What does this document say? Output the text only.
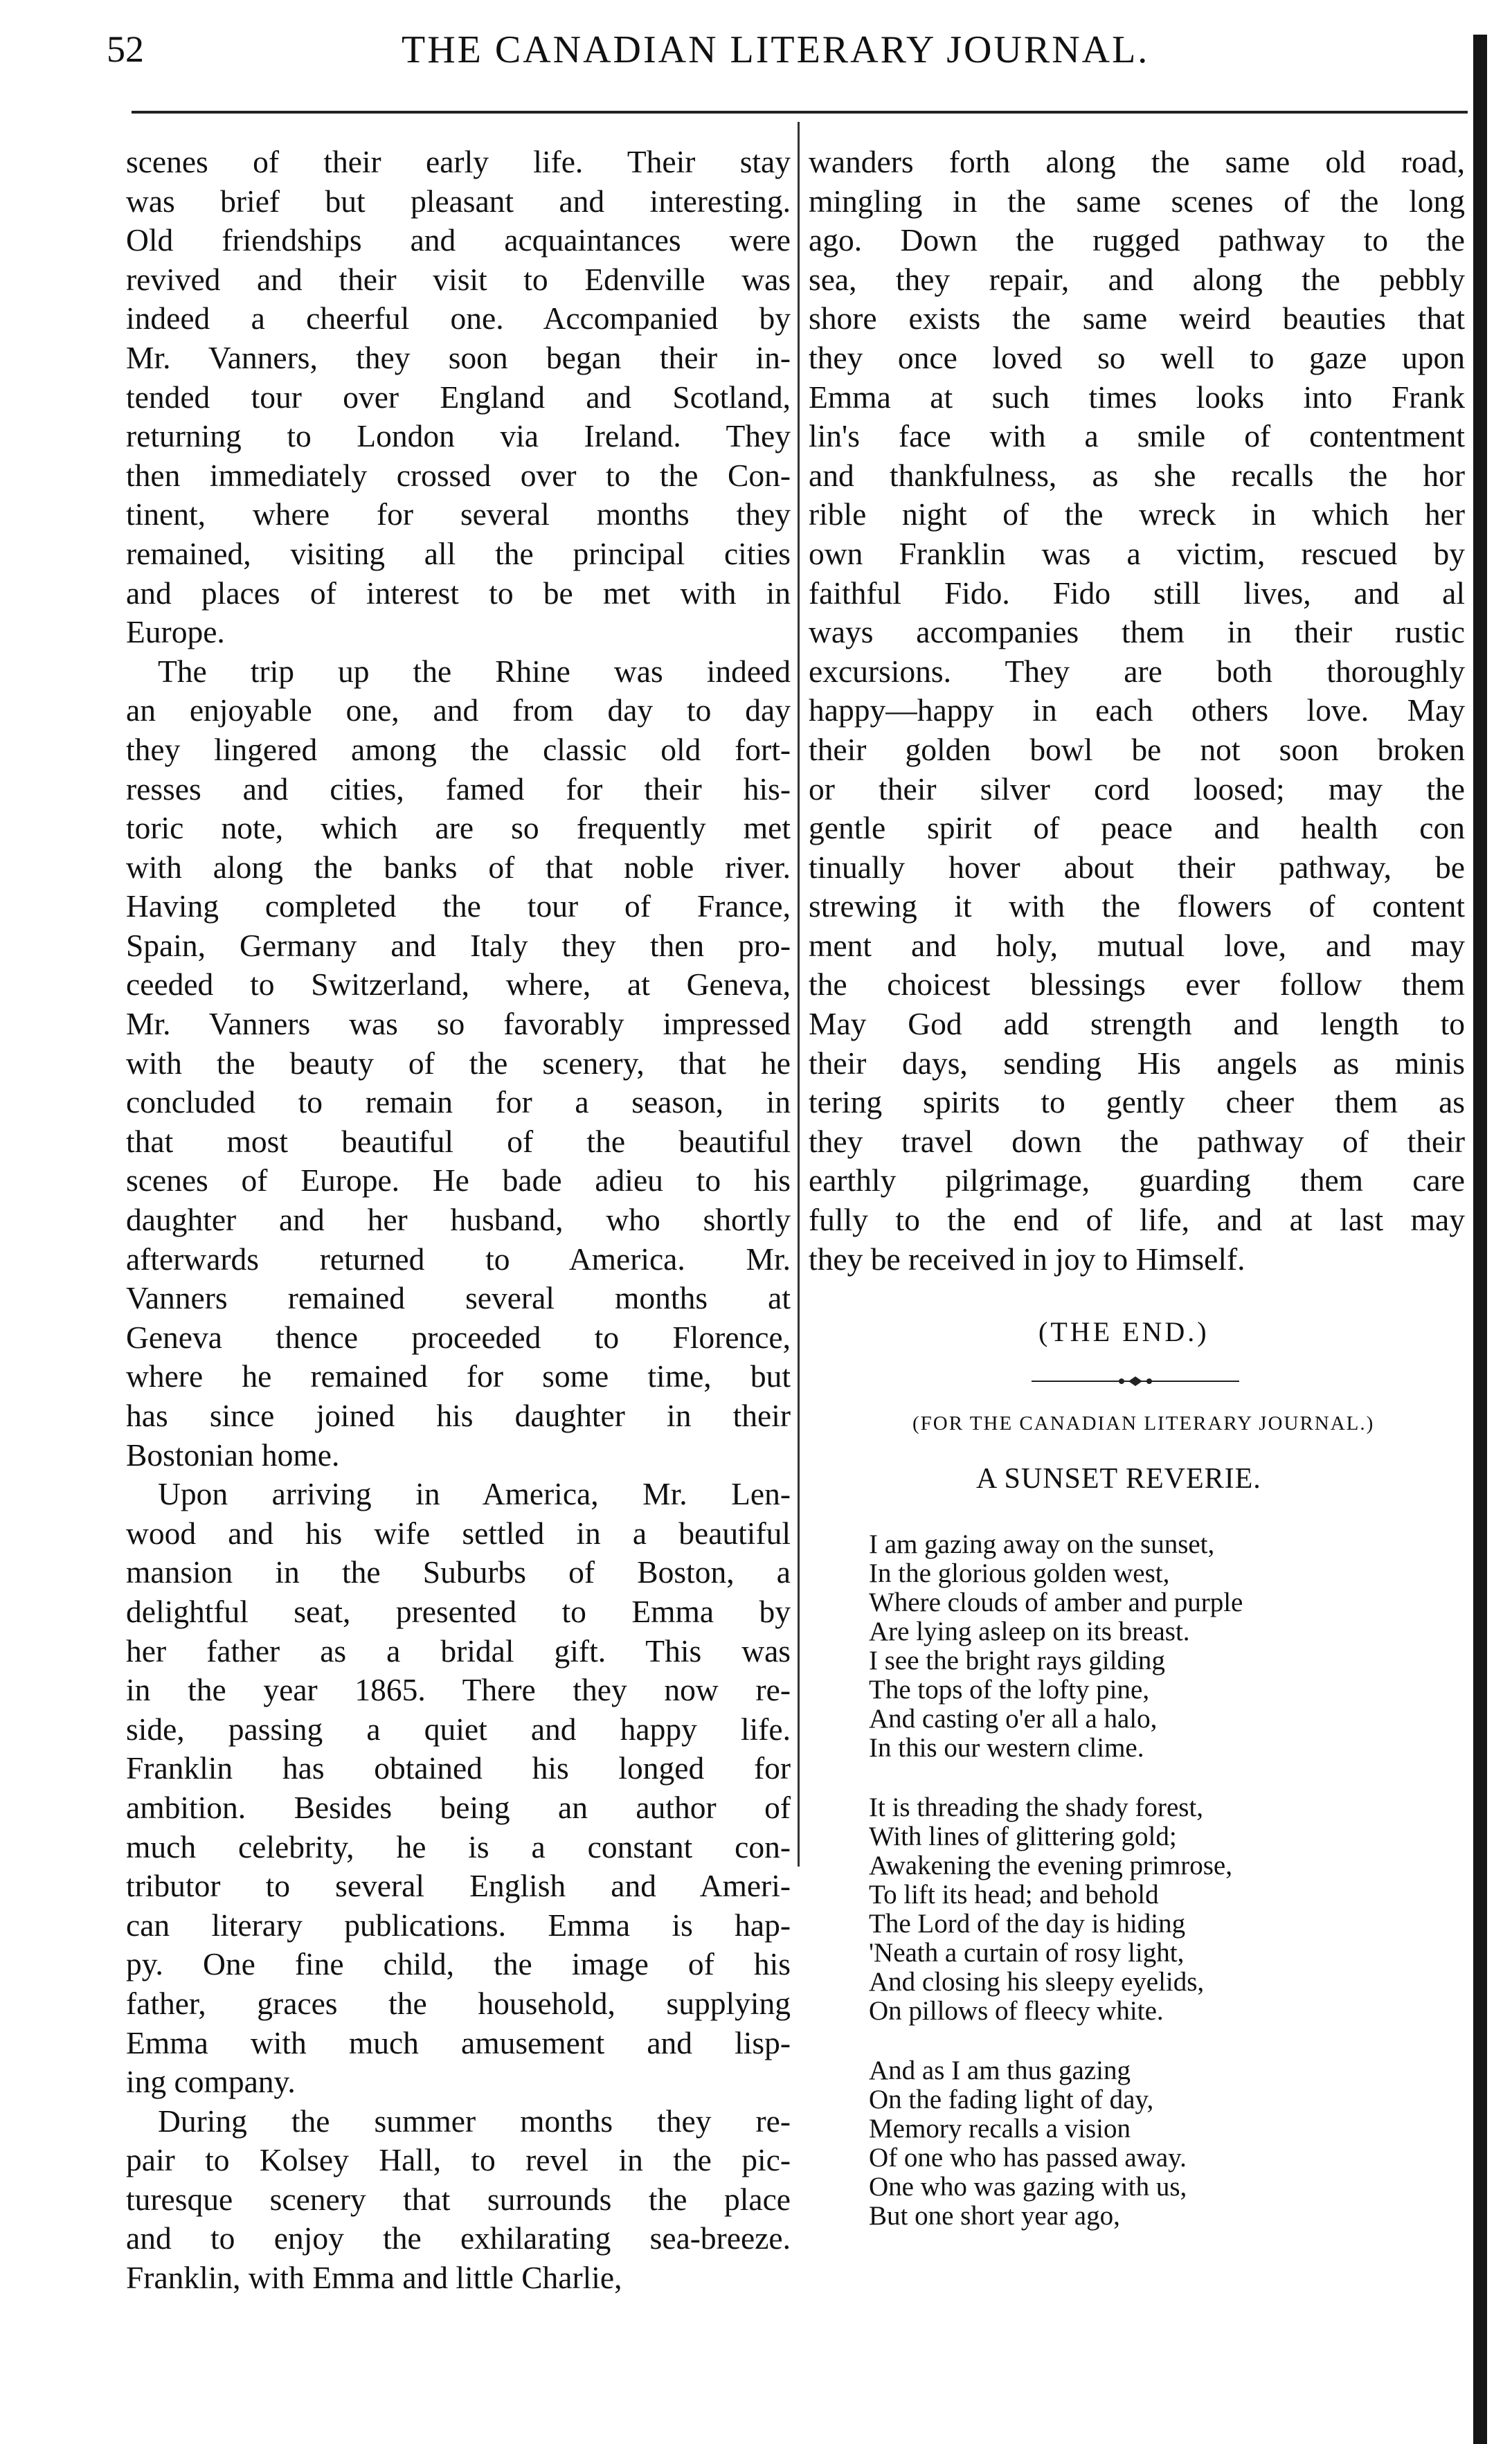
52	THE CANADIAN LITERARY JOURNAL.
scenes of their early life. Their stay
was brief but pleasant and interesting.
Old friendships and acquaintances were
revived and their visit to Edenville was
indeed a cheerful one. Accompanied by
Mr. Vanners, they soon began their in-
tended tour over England and Scotland,
returning to London via Ireland. They
then immediately crossed over to the Con-
tinent, where for several months they
remained, visiting all the principal cities
and places of interest to be met with in
Europe.
The trip up the Rhine was indeed
an enjoyable one, and from day to day
they lingered among the classic old fort-
resses and cities, famed for their his-
toric note, which are so frequently met
with along the banks of that noble river.
Having completed the tour of France,
Spain, Germany and Italy they then pro-
ceeded to Switzerland, where, at Geneva,
Mr. Vanners was so favorably impressed
with the beauty of the scenery, that he
concluded to remain for a season, in
that most beautiful of the beautiful
scenes of Europe. He bade adieu to his
daughter and her husband, who shortly
afterwards returned to America. Mr.
Vanners remained several months at
Geneva thence proceeded to Florence,
where he remained for some time, but
has since joined his daughter in their
Bostonian home.
Upon arriving in America, Mr. Len-
wood and his wife settled in a beautiful
mansion in the Suburbs of Boston, a
delightful seat, presented to Emma by
her father as a bridal gift. This was
in the year 1865. There they now re-
side, passing a quiet and happy life.
Franklin has obtained his longed for
ambition. Besides being an author of
much celebrity, he is a constant con-
tributor to several English and Ameri-
can literary publications. Emma is hap-
py. One fine child, the image of his
father, graces the household, supplying
Emma with much amusement and lisp-
ing company.
During the summer months they re-
pair to Kolsey Hall, to revel in the pic-
turesque scenery that surrounds the place
and to enjoy the exhilarating sea-breeze.
Franklin, with Emma and little Charlie,
wanders forth along the same old road,
mingling in the same scenes of the long
ago. Down the rugged pathway to the
sea, they repair, and along the pebbly
shore exists the same weird beauties that
they once loved so well to gaze upon
Emma at such times looks into Frank
lin's face with a smile of contentment
and thankfulness, as she recalls the hor
rible night of the wreck in which her
own Franklin was a victim, rescued by
faithful Fido. Fido still lives, and al
ways accompanies them in their rustic
excursions. They are both thoroughly
happy—happy in each others love. May
their golden bowl be not soon broken
or their silver cord loosed; may the
gentle spirit of peace and health con
tinually hover about their pathway, be
strewing it with the flowers of content
ment and holy, mutual love, and may
the choicest blessings ever follow them
May God add strength and length to
their days, sending His angels as minis
tering spirits to gently cheer them as
they travel down the pathway of their
earthly pilgrimage, guarding them care
fully to the end of life, and at last may
they be received in joy to Himself.
(THE END.)
(FOR THE CANADIAN LITERARY JOURNAL.)
A SUNSET REVERIE.
I am gazing away on the sunset,
In the glorious golden west,
Where clouds of amber and purple
Are lying asleep on its breast.
I see the bright rays gilding
The tops of the lofty pine,
And casting o'er all a halo,
In this our western clime.
It is threading the shady forest,
With lines of glittering gold;
Awakening the evening primrose,
To lift its head; and behold
The Lord of the day is hiding
'Neath a curtain of rosy light,
And closing his sleepy eyelids,
On pillows of fleecy white.
And as I am thus gazing
On the fading light of day,
Memory recalls a vision
Of one who has passed away.
One who was gazing with us,
But one short year ago,
